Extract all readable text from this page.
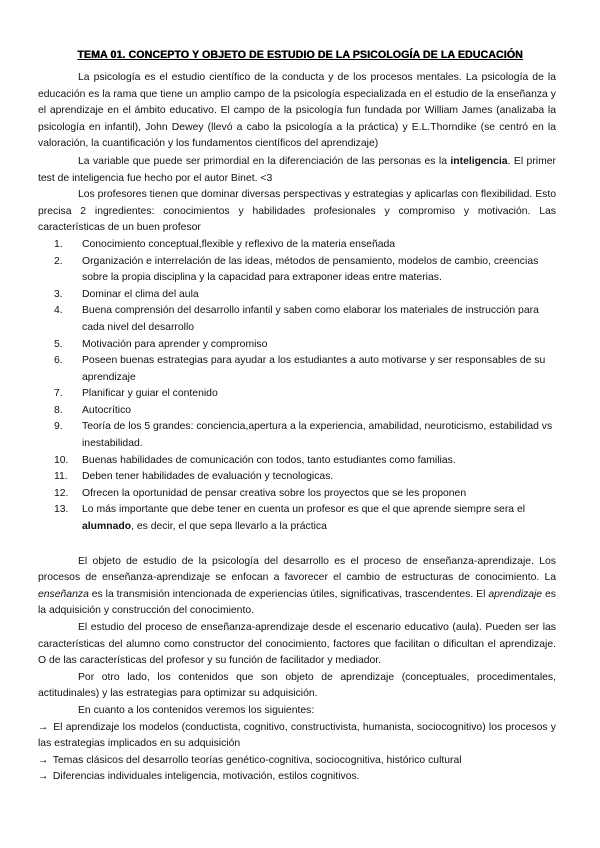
TEMA 01. CONCEPTO Y OBJETO DE ESTUDIO DE LA PSICOLOGÍA DE LA EDUCACIÓN

La psicología es el estudio científico de la conducta y de los procesos mentales. La psicología de la educación es la rama que tiene un amplio campo de la psicología especializada en el estudio de la enseñanza y el aprendizaje en el ámbito educativo. El campo de la psicología fun fundada por William James (analizaba la psicología en infantil), John Dewey (llevó a cabo la psicología a la práctica) y E.L.Thorndike (se centró en la valoración, la cuantificación y los fundamentos científicos del aprendizaje)

La variable que puede ser primordial en la diferenciación de las personas es la inteligencia. El primer test de inteligencia fue hecho por el autor Binet. <3

Los profesores tienen que dominar diversas perspectivas y estrategias y aplicarlas con flexibilidad. Esto precisa 2 ingredientes: conocimientos y habilidades profesionales y compromiso y motivación. Las características de un buen profesor

1.	Conocimiento conceptual,flexible y reflexivo de la materia enseñada
2.	Organización e interrelación de las ideas, métodos de pensamiento, modelos de cambio, creencias sobre la propia disciplina y la capacidad para extraponer ideas entre materias.
3.	Dominar el clima del aula
4.	Buena comprensión del desarrollo infantil y saben como elaborar los materiales de instrucción para cada nivel del desarrollo
5.	Motivación para aprender y compromiso
6.	Poseen buenas estrategias para ayudar a los estudiantes a auto motivarse y ser responsables de su aprendizaje
7.	Planificar y guiar el contenido
8.	Autocrítico
9.	Teoría de los 5 grandes: conciencia,apertura a la experiencia, amabilidad, neuroticismo, estabilidad vs inestabilidad.
10.	Buenas habilidades de comunicación con todos, tanto estudiantes como familias.
11.	Deben tener habilidades de evaluación y tecnologicas.
12.	Ofrecen la oportunidad de pensar creativa sobre los proyectos que se les proponen
13.	Lo más importante que debe tener en cuenta un profesor es que el que aprende siempre sera el alumnado, es decir, el que sepa llevarlo a la práctica

El objeto de estudio de la psicología del desarrollo es el proceso de enseñanza-aprendizaje. Los procesos de enseñanza-aprendizaje se enfocan a favorecer el cambio de estructuras de conocimiento. La enseñanza es la transmisión intencionada de experiencias útiles, significativas, trascendentes. El aprendizaje es la adquisición y construcción del conocimiento.

El estudio del proceso de enseñanza-aprendizaje desde el escenario educativo (aula). Pueden ser las características del alumno como constructor del conocimiento, factores que facilitan o dificultan el aprendizaje. O de las características del profesor y su función de facilitador y mediador.

Por otro lado, los contenidos que son objeto de aprendizaje (conceptuales, procedimentales, actitudinales) y las estrategias para optimizar su adquisición.

En cuanto a los contenidos veremos los siguientes:

→ El aprendizaje los modelos (conductista, cognitivo, constructivista, humanista, sociocognitivo) los procesos y las estrategias implicados en su adquisición

→ Temas clásicos del desarrollo teorías genético-cognitiva, sociocognitiva, histórico cultural

→ Diferencias individuales inteligencia, motivación, estilos cognitivos.
